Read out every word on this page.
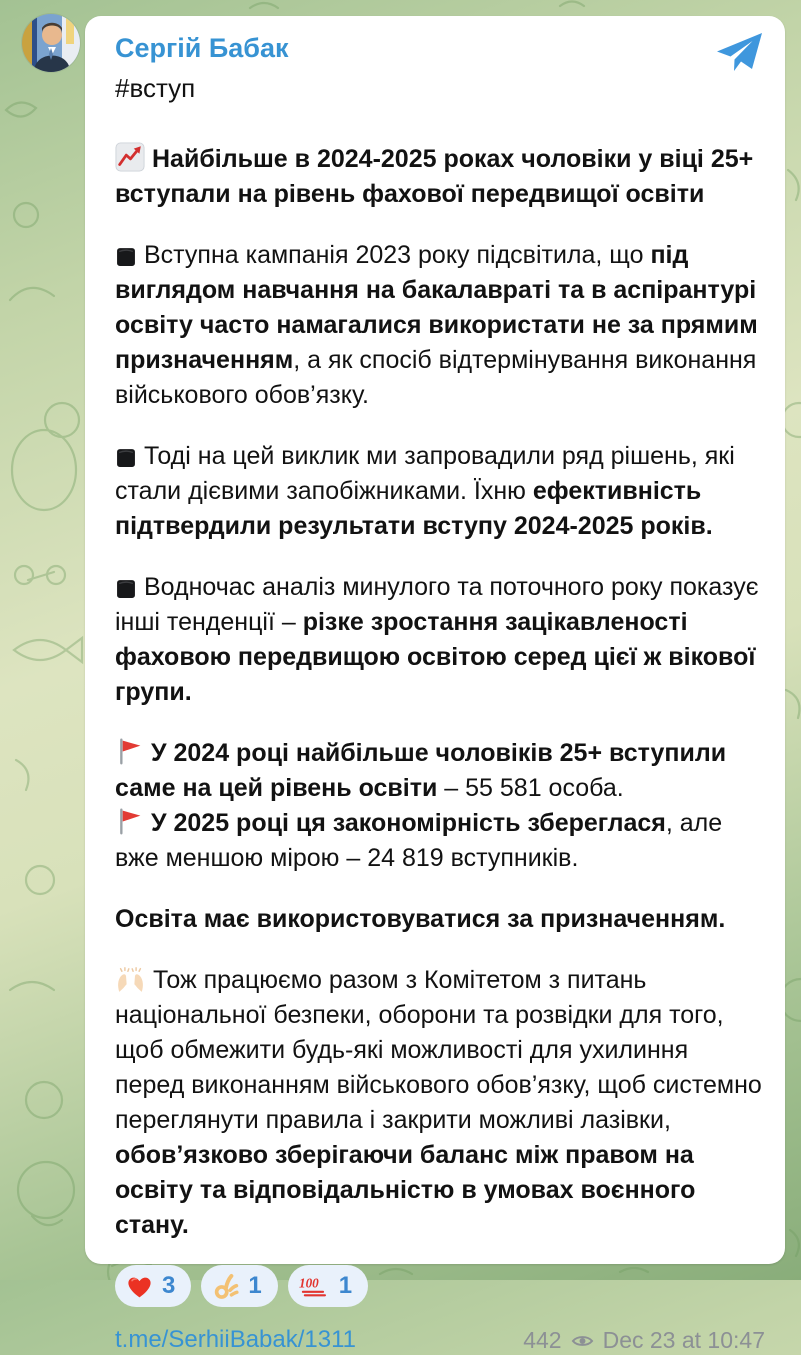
Сергій Бабак
#вступ

Найбільше в 2024-2025 роках чоловіки у віці 25+ вступали на рівень фахової передвищої освіти

Вступна кампанія 2023 року підсвітила, що під виглядом навчання на бакалавраті та в аспірантурі освіту часто намагалися використати не за прямим призначенням, а як спосіб відтермінування виконання військового обов’язку.

Тоді на цей виклик ми запровадили ряд рішень, які стали дієвими запобіжниками. Їхню ефективність підтвердили результати вступу 2024-2025 років.

Водночас аналіз минулого та поточного року показує інші тенденції – різке зростання зацікавленості фаховою передвищою освітою серед цієї ж вікової групи.

У 2024 році найбільше чоловіків 25+ вступили саме на цей рівень освіти – 55 581 особа.

У 2025 році ця закономірність збереглася, але вже меншою мірою – 24 819 вступників.

Освіта має використовуватися за призначенням.

Тож працюємо разом з Комітетом з питань національної безпеки, оборони та розвідки для того, щоб обмежити будь-які можливості для ухилиння перед виконанням військового обов’язку, щоб системно переглянути правила і закрити можливі лазівки, обов’язково зберігаючи баланс між правом на освіту та відповідальністю в умовах воєнного стану.

3	1 100 1
t.me/SerhiiBabak/1311	442 Dec 23 at 10:47
